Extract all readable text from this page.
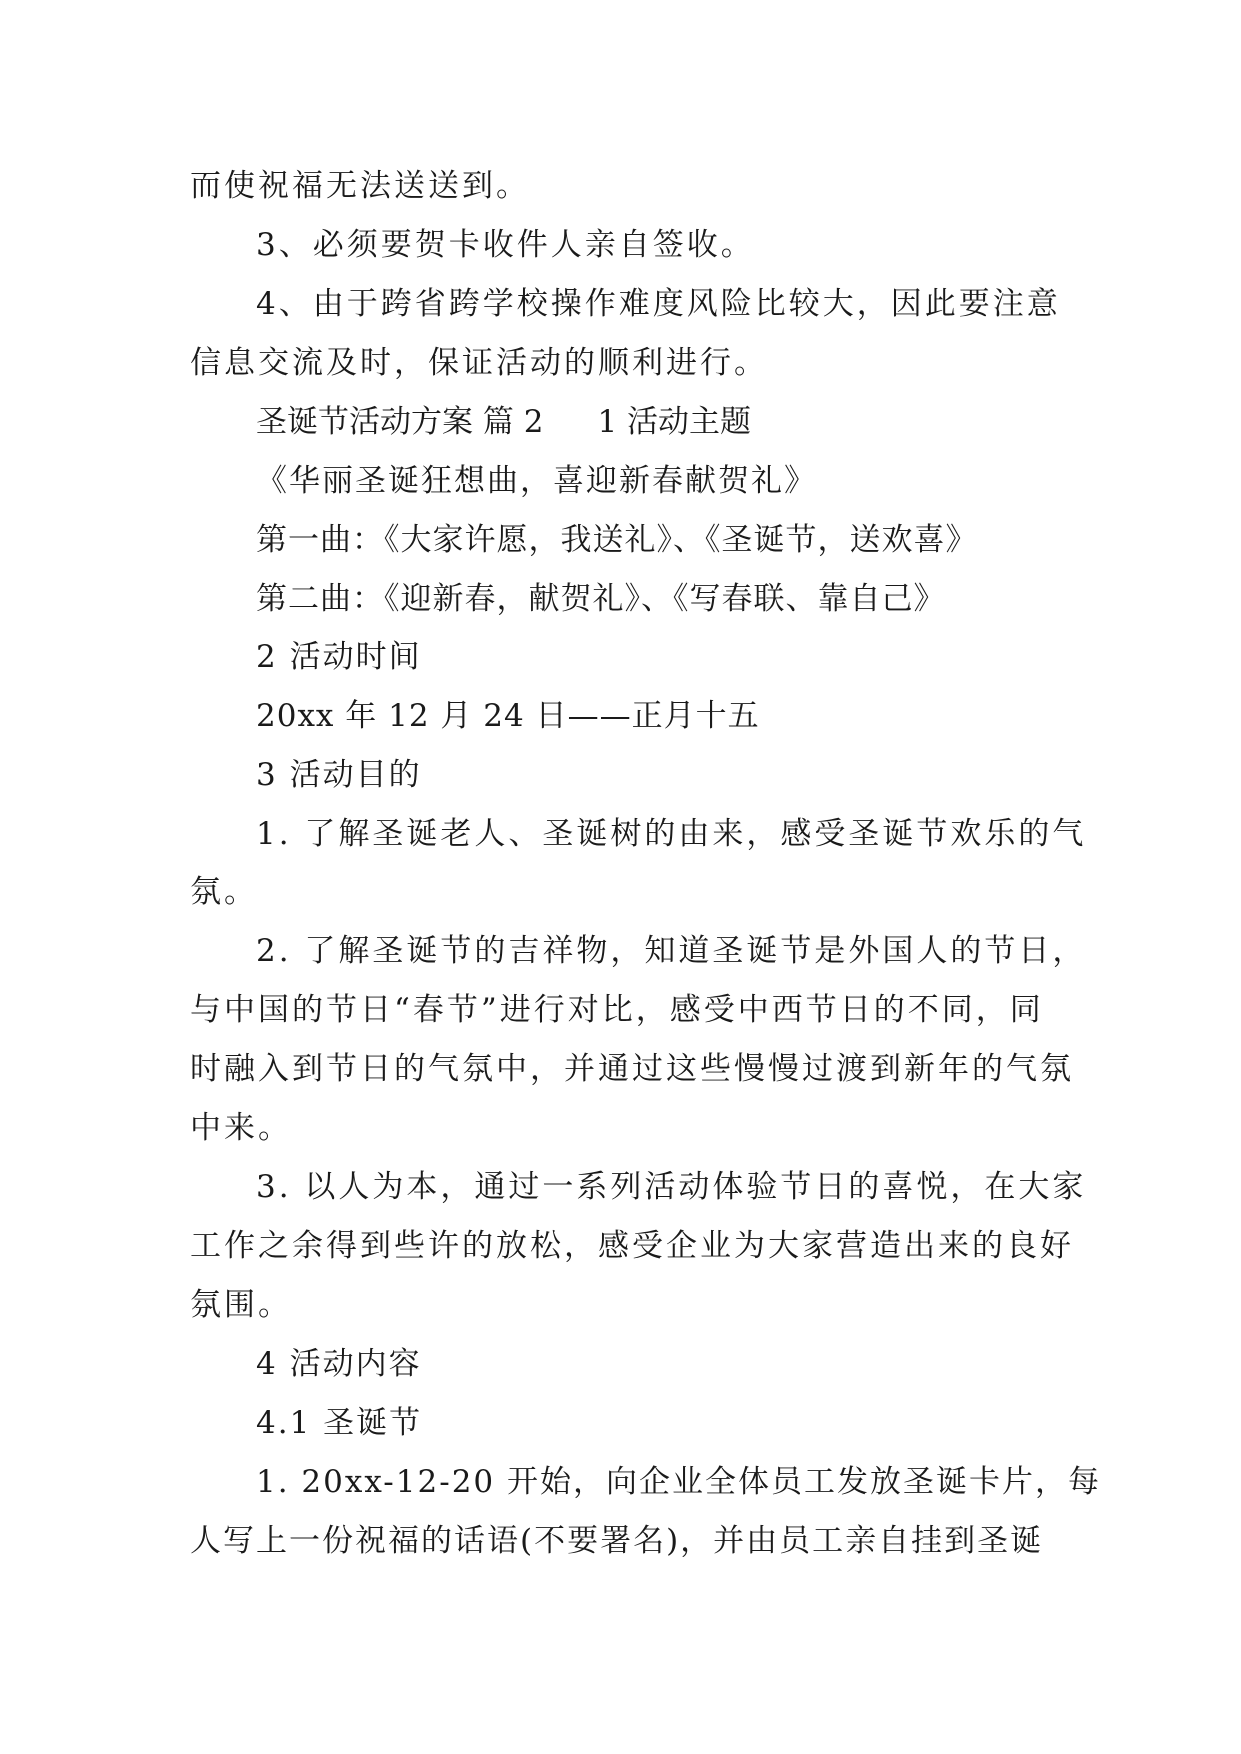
而使祝福无法送送到。
3、必须要贺卡收件人亲自签收。
4、由于跨省跨学校操作难度风险比较大，因此要注意
信息交流及时，保证活动的顺利进行。
圣诞节活动方案 篇 2 1 活动主题
《华丽圣诞狂想曲，喜迎新春献贺礼》
第一曲：《大家许愿，我送礼》、《圣诞节，送欢喜》
第二曲：《迎新春，献贺礼》、《写春联、靠自己》
2 活动时间
20xx 年 12 月 24 日——正月十五
3 活动目的
1. 了解圣诞老人、圣诞树的由来，感受圣诞节欢乐的气
氛。
2. 了解圣诞节的吉祥物，知道圣诞节是外国人的节日，
与中国的节日“春节”进行对比，感受中西节日的不同，同
时融入到节日的气氛中，并通过这些慢慢过渡到新年的气氛
中来。
3. 以人为本，通过一系列活动体验节日的喜悦，在大家
工作之余得到些许的放松，感受企业为大家营造出来的良好
氛围。
4 活动内容
4.1 圣诞节
1. 20xx-12-20 开始，向企业全体员工发放圣诞卡片，每
人写上一份祝福的话语(不要署名)，并由员工亲自挂到圣诞
